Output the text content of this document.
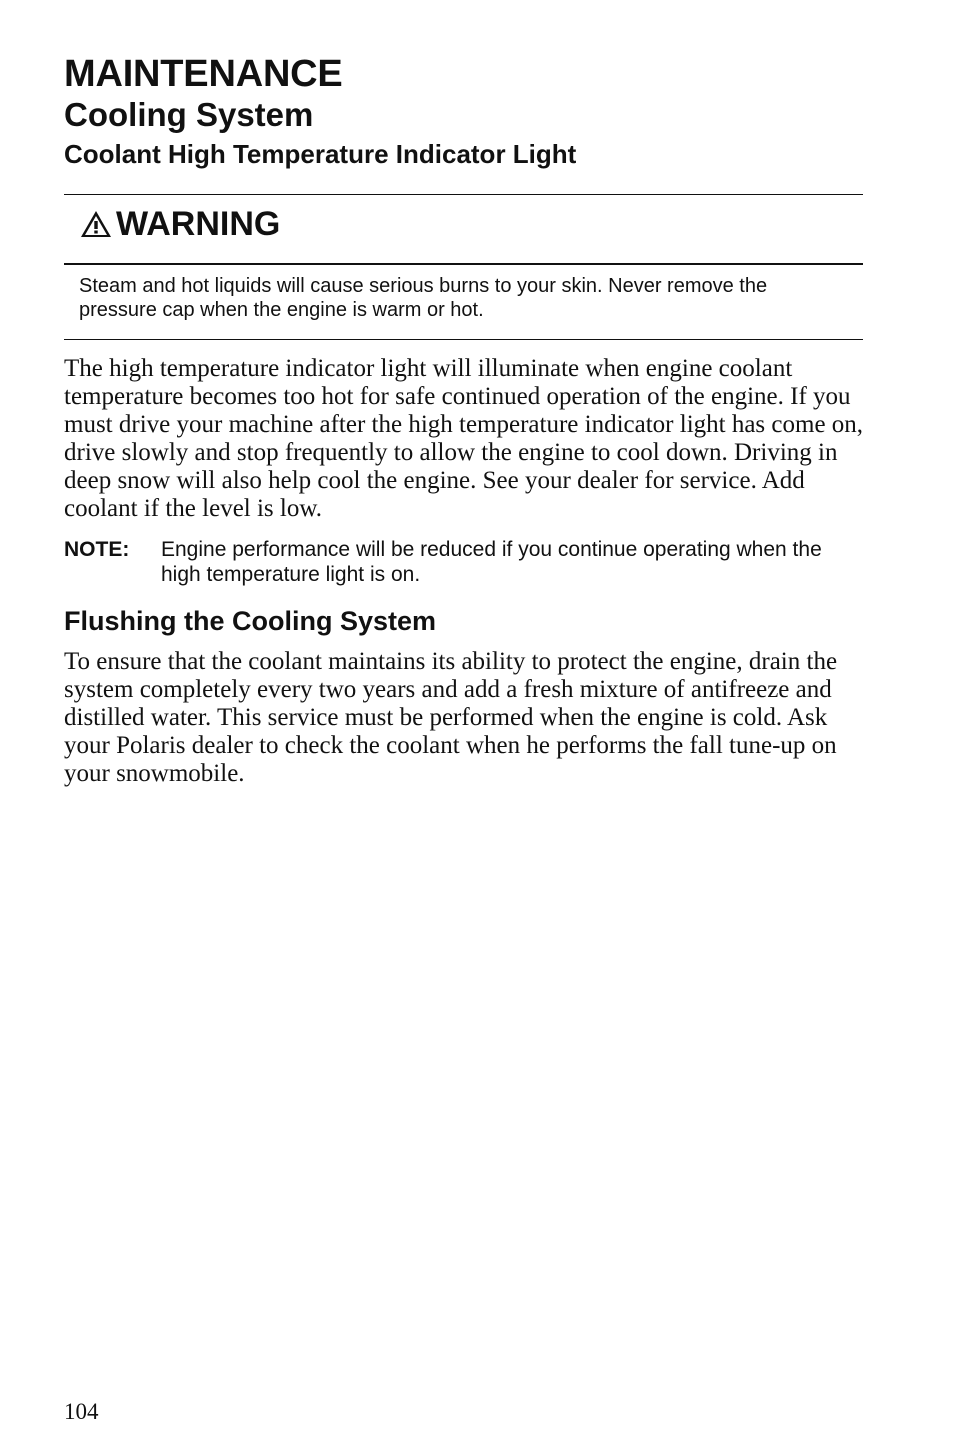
MAINTENANCE
Cooling System
Coolant High Temperature Indicator Light
WARNING

Steam and hot liquids will cause serious burns to your skin. Never remove the pressure cap when the engine is warm or hot.

The high temperature indicator light will illuminate when engine coolant temperature becomes too hot for safe continued operation of the engine. If you must drive your machine after the high temperature indicator light has come on, drive slowly and stop frequently to allow the engine to cool down. Driving in deep snow will also help cool the engine. See your dealer for service. Add coolant if the level is low.

NOTE: Engine performance will be reduced if you continue operating when the high temperature light is on.

Flushing the Cooling System

To ensure that the coolant maintains its ability to protect the engine, drain the system completely every two years and add a fresh mixture of antifreeze and distilled water. This service must be performed when the engine is cold. Ask your Polaris dealer to check the coolant when he performs the fall tune-up on your snowmobile.

104
